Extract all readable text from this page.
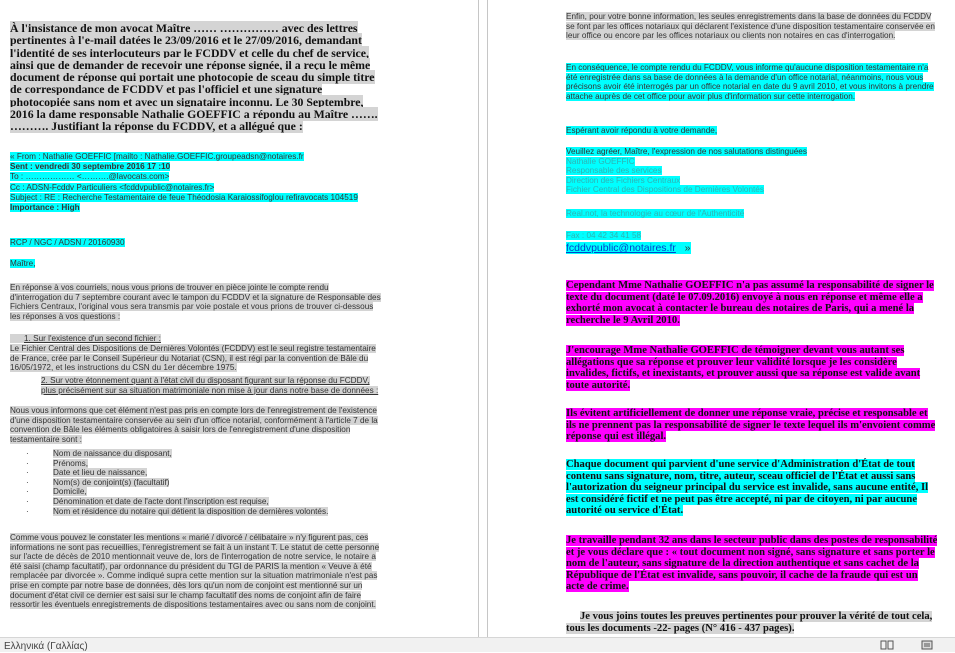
À l'insistance de mon avocat Maître …… …………… avec des lettres pertinentes à l'e-mail datées le 23/09/2016 et le 27/09/2016, demandant l'identité de ses interlocuteurs par le FCDDV et celle du chef de service, ainsi que de demander de recevoir une réponse signée, il a reçu le même document de réponse qui portait une photocopie de sceau du simple titre de correspondance de FCDDV et pas l'officiel et une signature photocopiée sans nom et avec un signataire inconnu. Le 30 Septembre, 2016 la dame responsable Nathalie GOEFFIC a répondu au Maître ……. ………. Justifiant la réponse du FCDDV, et a allégué que :

« From : Nathalie GOEFFIC [mailto : Nathalie.GOEFFIC.groupeadsn@notaires.fr

Sent : vendredi 30 septembre 2016 17 :10

To : ……………… <……….@lavocats.com>

Cc : ADSN-Fcddv Particuliers <fcddvpublic@notaires.fr>

Subject : RE : Recherche Testamentaire de feue Théodosia Karaiossifoglou refiravocats 104519

Importance : High

RCP / NGC / ADSN / 20160930
Maître,
En réponse à vos courriels, nous vous prions de trouver en pièce jointe le compte rendu d'interrogation du 7 septembre courant avec le tampon du FCDDV et la signature de Responsable des Fichiers Centraux, l'original vous sera transmis par voie postale et vous prions de trouver ci-dessous les réponses à vos questions :
1. Sur l'existence d'un second fichier :
Le Fichier Central des Dispositions de Dernières Volontés (FCDDV) est le seul registre testamentaire de France, crée par le Conseil Supérieur du Notariat (CSN), il est régi par la convention de Bâle du 16/05/1972, et les instructions du CSN du 1er décembre 1975.

2. Sur votre étonnement quant à l'état civil du disposant figurant sur la réponse du FCDDV, plus précisément sur sa situation matrimoniale non mise à jour dans notre base de données :

Nous vous informons que cet élément n'est pas pris en compte lors de l'enregistrement de l'existence d'une disposition testamentaire conservée au sein d'un office notarial, conformément à l'article 7 de la convention de Bâle les éléments obligatoires à saisir lors de l'enregistrement d'une disposition testamentaire sont :
· Nom de naissance du disposant,
· Prénoms,
· Date et lieu de naissance,
· Nom(s) de conjoint(s) (facultatif)
· Domicile,
· Dénomination et date de l'acte dont l'inscription est requise,
· Nom et résidence du notaire qui détient la disposition de dernières volontés.
Comme vous pouvez le constater les mentions « marié / divorcé / célibataire » n'y figurent pas, ces informations ne sont pas recueillies, l'enregistrement se fait à un instant T. Le statut de cette personne sur l'acte de décès de 2010 mentionnait veuve de, lors de l'interrogation de notre service, le notaire a été saisi (champ facultatif), par ordonnance du président du TGI de PARIS la mention « Veuve à été remplacée par divorcée ». Comme indiqué supra cette mention sur la situation matrimoniale n'est pas prise en compte par notre base de données, dès lors qu'un nom de conjoint est mentionné sur un document d'état civil ce dernier est saisi sur le champ facultatif des noms de conjoint afin de faire ressortir les éventuels enregistrements de dispositions testamentaires avec ou sans nom de conjoint.
Enfin, pour votre bonne information, les seules enregistrements dans la base de données du FCDDV se font par les offices notariaux qui déclarent l'existence d'une disposition testamentaire conservée en leur office ou encore par les offices notariaux ou clients non notaires en cas d'interrogation.
En conséquence, le compte rendu du FCDDV, vous informe qu'aucune disposition testamentaire n'a été enregistrée dans sa base de données à la demande d'un office notarial, néanmoins, nous vous précisons avoir été interrogés par un office notarial en date du 9 avril 2010, et vous invitons à prendre attache auprès de cet office pour avoir plus d'information sur cette interrogation.
Espérant avoir répondu à votre demande,

Veuillez agréer, Maître, l'expression de nos salutations distinguées

Nathalie GOEFFIC

Responsable des services

Direction des Fichiers Centraux

Fichier Central des Dispositions de Dernières Volontés

Real.not, la technologie au cœur de l'Authenticité
Fax : 04 42 34 41 58
fcddvpublic@notaires.fr »
Cependant Mme Nathalie GOEFFIC n'a pas assumé la responsabilité de signer le texte du document (daté le 07.09.2016) envoyé à nous en réponse et même elle a exhorté mon avocat à contacter le bureau des notaires de Paris, qui a mené la recherche le 9 Avril 2010.
J'encourage Mme Nathalie GOEFFIC de témoigner devant vous autant ses allégations que sa réponse et prouver leur validité lorsque je les considère invalides, fictifs, et inexistants, et prouver aussi que sa réponse est valide avant toute autorité.
Ils évitent artificiellement de donner une réponse vraie, précise et responsable et ils ne prennent pas la responsabilité de signer le texte lequel ils m'envoient comme réponse qui est illégal.
Chaque document qui parvient d'une service d'Administration d'État de tout contenu sans signature, nom, titre, auteur, sceau officiel de l'État et aussi sans l'autorization du seigneur principal du service est invalide, sans aucune entité, Il est considéré fictif et ne peut pas être accepté, ni par de citoyen, ni par aucune autorité ou service d'État.
Je travaille pendant 32 ans dans le secteur public dans des postes de responsabilité et je vous déclare que : « tout document non signé, sans signature et sans porter le nom de l'auteur, sans signature de la direction authentique et sans cachet de la République de l'État est invalide, sans pouvoir, il cache de la fraude qui est un acte de crime.
Je vous joins toutes les preuves pertinentes pour prouver la vérité de tout cela, tous les documents -22- pages (N° 416 - 437 pages).
Ελληνικά (Γαλλίας)
